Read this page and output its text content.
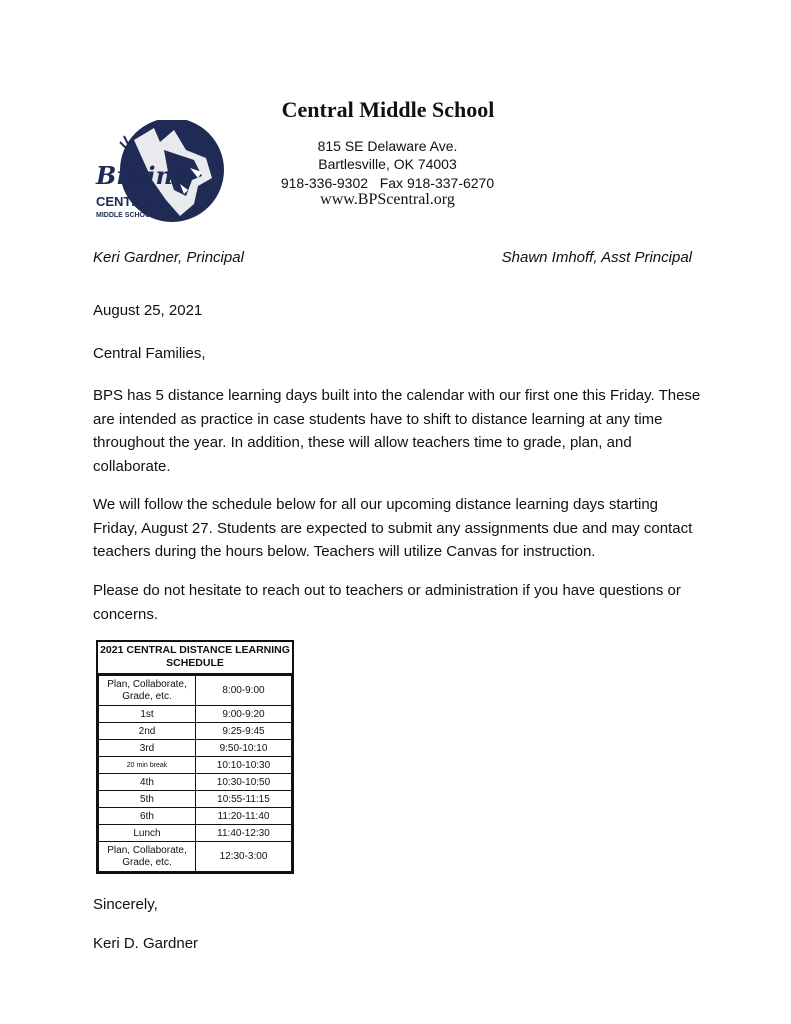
Bruins
CENTRAL
MIDDLE SCHOOL
Central Middle School
815 SE Delaware Ave.
Bartlesville, OK 74003
918-336-9302   Fax 918-337-6270
www.BPScentral.org
Keri Gardner, Principal	Shawn Imhoff, Asst Principal
August 25, 2021
Central Families,
BPS has 5 distance learning days built into the calendar with our first one this Friday. These are intended as practice in case students have to shift to distance learning at any time throughout the year. In addition, these will allow teachers time to grade, plan, and collaborate.
We will follow the schedule below for all our upcoming distance learning days starting Friday, August 27. Students are expected to submit any assignments due and may contact teachers during the hours below. Teachers will utilize Canvas for instruction.
Please do not hesitate to reach out to teachers or administration if you have questions or concerns.
2021 CENTRAL DISTANCE LEARNING SCHEDULE
Plan, Collaborate, Grade, etc.	8:00-9:00
1st	9:00-9:20
2nd	9:25-9:45
3rd	9:50-10:10
20 min break	10:10-10:30
4th	10:30-10:50
5th	10:55-11:15
6th	11:20-11:40
Lunch	11:40-12:30
Plan, Collaborate, Grade, etc.	12:30-3:00
Sincerely,
Keri D. Gardner
